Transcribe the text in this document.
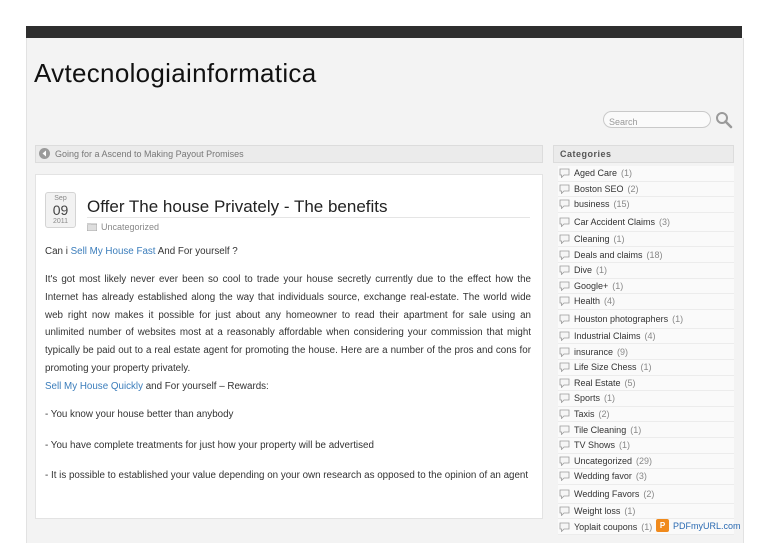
Avtecnologiainformatica
Search
Going for a Ascend to Making Payout Promises
Sep
09
2011
Offer The house Privately - The benefits
Uncategorized

Can i Sell My House Fast And For yourself ?

It's got most likely never ever been so cool to trade your house secretly currently due to the effect how the Internet has already established along the way that individuals source, exchange real-estate. The world wide web right now makes it possible for just about any homeowner to read their apartment for sale using an unlimited number of websites most at a reasonably affordable when considering your commission that might typically be paid out to a real estate agent for promoting the house. Here are a number of the pros and cons for promoting your property privately.

Sell My House Quickly and For yourself – Rewards:

- You know your house better than anybody

- You have complete treatments for just how your property will be advertised

- It is possible to established your value depending on your own research as opposed to the opinion of an agent

Categories
Aged Care (1)
Boston SEO (2)
business (15)
Car Accident Claims (3)
Cleaning (1)
Deals and claims (18)
Dive (1)
Google+ (1)
Health (4)
Houston photographers (1)
Industrial Claims (4)
insurance (9)
Life Size Chess (1)
Real Estate (5)
Sports (1)
Taxis (2)
Tile Cleaning (1)
TV Shows (1)
Uncategorized (29)
Wedding favor (3)
Wedding Favors (2)
Weight loss (1)
Yoplait coupons (1) P PDFmyURL.com
